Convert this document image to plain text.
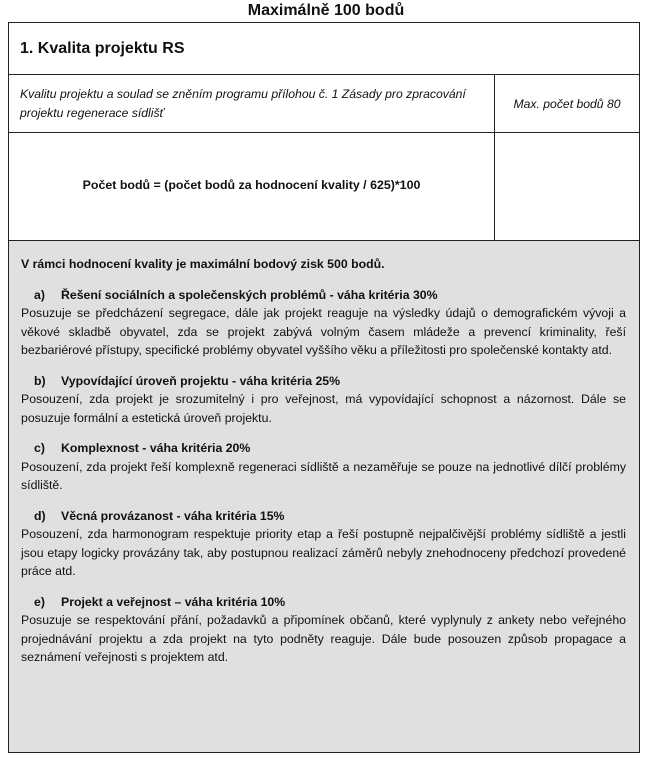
Maximálně 100 bodů
1. Kvalita projektu RS
Kvalitu projektu a soulad se zněním programu přílohou č. 1 Zásady pro zpracování projektu regenerace sídlišť
Max. počet bodů 80
Počet bodů = (počet bodů za hodnocení kvality / 625)*100
V rámci hodnocení kvality je maximální bodový zisk 500 bodů.
a) Řešení sociálních a společenských problémů - váha kritéria 30%
Posuzuje se předcházení segregace, dále jak projekt reaguje na výsledky údajů o demografickém vývoji a věkové skladbě obyvatel, zda se projekt zabývá volným časem mládeže a prevencí kriminality, řeší bezbariérové přístupy, specifické problémy obyvatel vyššího věku a příležitosti pro společenské kontakty atd.
b) Vypovídající úroveň projektu - váha kritéria 25%
Posouzení, zda projekt je srozumitelný i pro veřejnost, má vypovídající schopnost a názornost. Dále se posuzuje formální a estetická úroveň projektu.
c) Komplexnost - váha kritéria 20%
Posouzení, zda projekt řeší komplexně regeneraci sídliště a nezaměřuje se pouze na jednotlivé dílčí problémy sídliště.
d) Věcná provázanost - váha kritéria 15%
Posouzení, zda harmonogram respektuje priority etap a řeší postupně nejpalčivější problémy sídliště a jestli jsou etapy logicky provázány tak, aby postupnou realizací záměrů nebyly znehodnoceny předchozí provedené práce atd.
e) Projekt a veřejnost – váha kritéria 10%
Posuzuje se respektování přání, požadavků a připomínek občanů, které vyplynuly z ankety nebo veřejného projednávání projektu a zda projekt na tyto podněty reaguje. Dále bude posouzen způsob propagace a seznámení veřejnosti s projektem atd.
